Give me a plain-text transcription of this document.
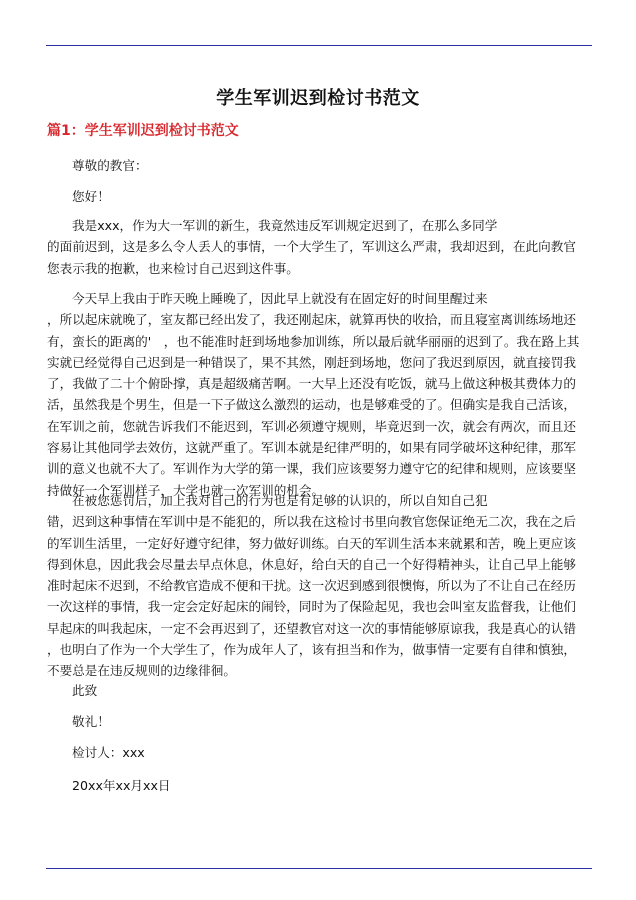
学生军训迟到检讨书范文
篇1：学生军训迟到检讨书范文
尊敬的教官：
您好！
我是xxx，作为大一军训的新生，我竟然违反军训规定迟到了，在那么多同学
的面前迟到，这是多么令人丢人的事情，一个大学生了，军训这么严肃，我却迟到，在此向教官
您表示我的抱歉，也来检讨自己迟到这件事。
今天早上我由于昨天晚上睡晚了，因此早上就没有在固定好的时间里醒过来
，所以起床就晚了，室友都已经出发了，我还刚起床，就算再快的收拾，而且寝室离训练场地还
有，蛮长的距离的'　，也不能准时赶到场地参加训练，所以最后就华丽丽的迟到了。我在路上其
实就已经觉得自己迟到是一种错误了，果不其然，刚赶到场地，您问了我迟到原因，就直接罚我
了，我做了二十个俯卧撑，真是超级痛苦啊。一大早上还没有吃饭，就马上做这种极其费体力的
活，虽然我是个男生，但是一下子做这么激烈的运动，也是够难受的了。但确实是我自己活该，
在军训之前，您就告诉我们不能迟到，军训必须遵守规则，毕竟迟到一次，就会有两次，而且还
容易让其他同学去效仿，这就严重了。军训本就是纪律严明的，如果有同学破坏这种纪律，那军
训的意义也就不大了。军训作为大学的第一课，我们应该要努力遵守它的纪律和规则，应该要坚
持做好一个军训样子，大学也就一次军训的机会。
在被您惩罚后，加上我对自己的行为也是有足够的认识的，所以自知自己犯
错，迟到这种事情在军训中是不能犯的，所以我在这检讨书里向教官您保证绝无二次，我在之后
的军训生活里，一定好好遵守纪律，努力做好训练。白天的军训生活本来就累和苦，晚上更应该
得到休息，因此我会尽量去早点休息，休息好，给白天的自己一个好得精神头，让自己早上能够
准时起床不迟到，不给教官造成不便和干扰。这一次迟到感到很懊悔，所以为了不让自己在经历
一次这样的事情，我一定会定好起床的闹铃，同时为了保险起见，我也会叫室友监督我，让他们
早起床的叫我起床，一定不会再迟到了，还望教官对这一次的事情能够原谅我，我是真心的认错
，也明白了作为一个大学生了，作为成年人了，该有担当和作为，做事情一定要有自律和慎独，
不要总是在违反规则的边缘徘徊。
此致
敬礼！
检讨人：xxx
20xx年xx月xx日
